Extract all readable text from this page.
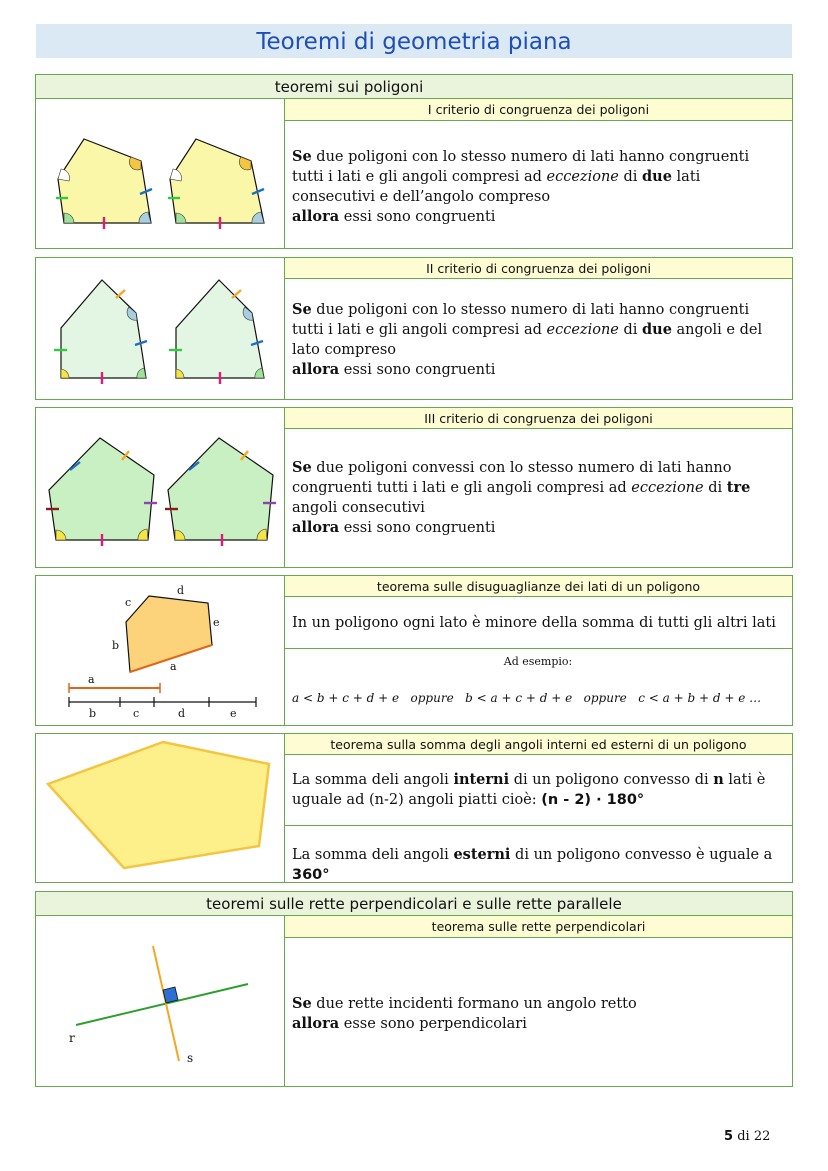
Teoremi di geometria piana
teoremi sui poligoni
I criterio di congruenza dei poligoni
Se due poligoni con lo stesso numero di lati hanno congruenti tutti i lati e gli angoli compresi ad eccezione di due lati consecutivi e dell’angolo compreso
allora essi sono congruenti
II criterio di congruenza dei poligoni
Se due poligoni con lo stesso numero di lati hanno congruenti tutti i lati e gli angoli compresi ad eccezione di due angoli e del lato compreso
allora essi sono congruenti
III criterio di congruenza dei poligoni
Se due poligoni convessi con lo stesso numero di lati hanno congruenti tutti i lati e gli angoli compresi ad eccezione di tre angoli consecutivi
allora essi sono congruenti
teorema sulle disuguaglianze dei lati di un poligono
c
d
e
b
a
a
b	c	d	e
In un poligono ogni lato è minore della somma di tutti gli altri lati
Ad esempio:
a < b + c + d + e   oppure   b < a + c + d + e   oppure   c < a + b + d + e …
teorema sulla somma degli angoli interni ed esterni di un poligono
La somma deli angoli interni di un poligono convesso di n lati è uguale ad (n-2) angoli piatti cioè: (n - 2) · 180°
La somma deli angoli esterni di un poligono convesso è uguale a 360°
teoremi sulle rette perpendicolari e sulle rette parallele
teorema sulle rette perpendicolari
r
s
Se due rette incidenti formano un angolo retto
allora esse sono perpendicolari
5 di 22
